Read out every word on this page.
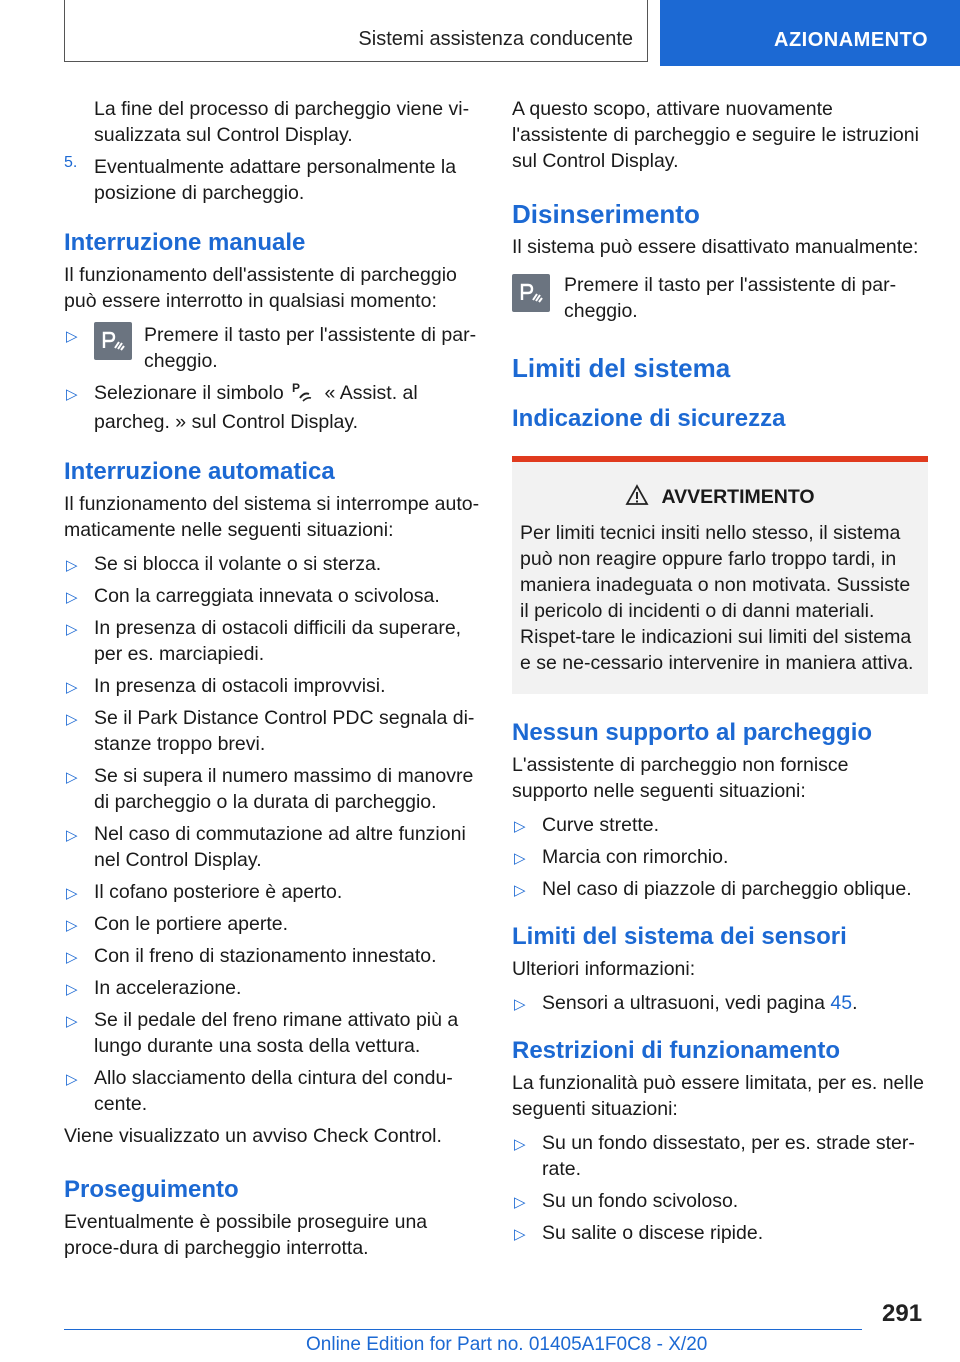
Sistemi assistenza conducente	AZIONAMENTO

La fine del processo di parcheggio viene vi-sualizzata sul Control Display.

5. Eventualmente adattare personalmente la posizione di parcheggio.

Interruzione manuale

Il funzionamento dell'assistente di parcheggio può essere interrotto in qualsiasi momento:

▷	Premere il tasto per l'assistente di par-cheggio.
▷ Selezionare il simbolo P « Assist. al parcheg. » sul Control Display.
Interruzione automatica

Il funzionamento del sistema si interrompe auto-maticamente nelle seguenti situazioni:

▷ Se si blocca il volante o si sterza.
▷ Con la carreggiata innevata o scivolosa.
▷ In presenza di ostacoli difficili da superare, per es. marciapiedi.
▷ In presenza di ostacoli improvvisi.
▷ Se il Park Distance Control PDC segnala di-stanze troppo brevi.
▷ Se si supera il numero massimo di manovre di parcheggio o la durata di parcheggio.
▷ Nel caso di commutazione ad altre funzioni nel Control Display.
▷ Il cofano posteriore è aperto.
▷ Con le portiere aperte.
▷ Con il freno di stazionamento innestato.
▷ In accelerazione.
▷ Se il pedale del freno rimane attivato più a lungo durante una sosta della vettura.
▷ Allo slacciamento della cintura del condu-cente.

Viene visualizzato un avviso Check Control.

Proseguimento

Eventualmente è possibile proseguire una proce-dura di parcheggio interrotta.

A questo scopo, attivare nuovamente l'assistente di parcheggio e seguire le istruzioni sul Control Display.

Disinserimento

Il sistema può essere disattivato manualmente:

Premere il tasto per l'assistente di par-cheggio.

Limiti del sistema
Indicazione di sicurezza
AVVERTIMENTO

Per limiti tecnici insiti nello stesso, il sistema può non reagire oppure farlo troppo tardi, in maniera inadeguata o non motivata. Sussiste il pericolo di incidenti o di danni materiali. Rispet-tare le indicazioni sui limiti del sistema e se ne-cessario intervenire in maniera attiva.

Nessun supporto al parcheggio

L'assistente di parcheggio non fornisce supporto nelle seguenti situazioni:

▷ Curve strette.
▷ Marcia con rimorchio.
▷ Nel caso di piazzole di parcheggio oblique.
Limiti del sistema dei sensori

Ulteriori informazioni:

▷ Sensori a ultrasuoni, vedi pagina 45.
Restrizioni di funzionamento

La funzionalità può essere limitata, per es. nelle seguenti situazioni:

▷ Su un fondo dissestato, per es. strade ster-rate.
▷ Su un fondo scivoloso.
▷ Su salite o discese ripide.
291
Online Edition for Part no. 01405A1F0C8 - X/20
